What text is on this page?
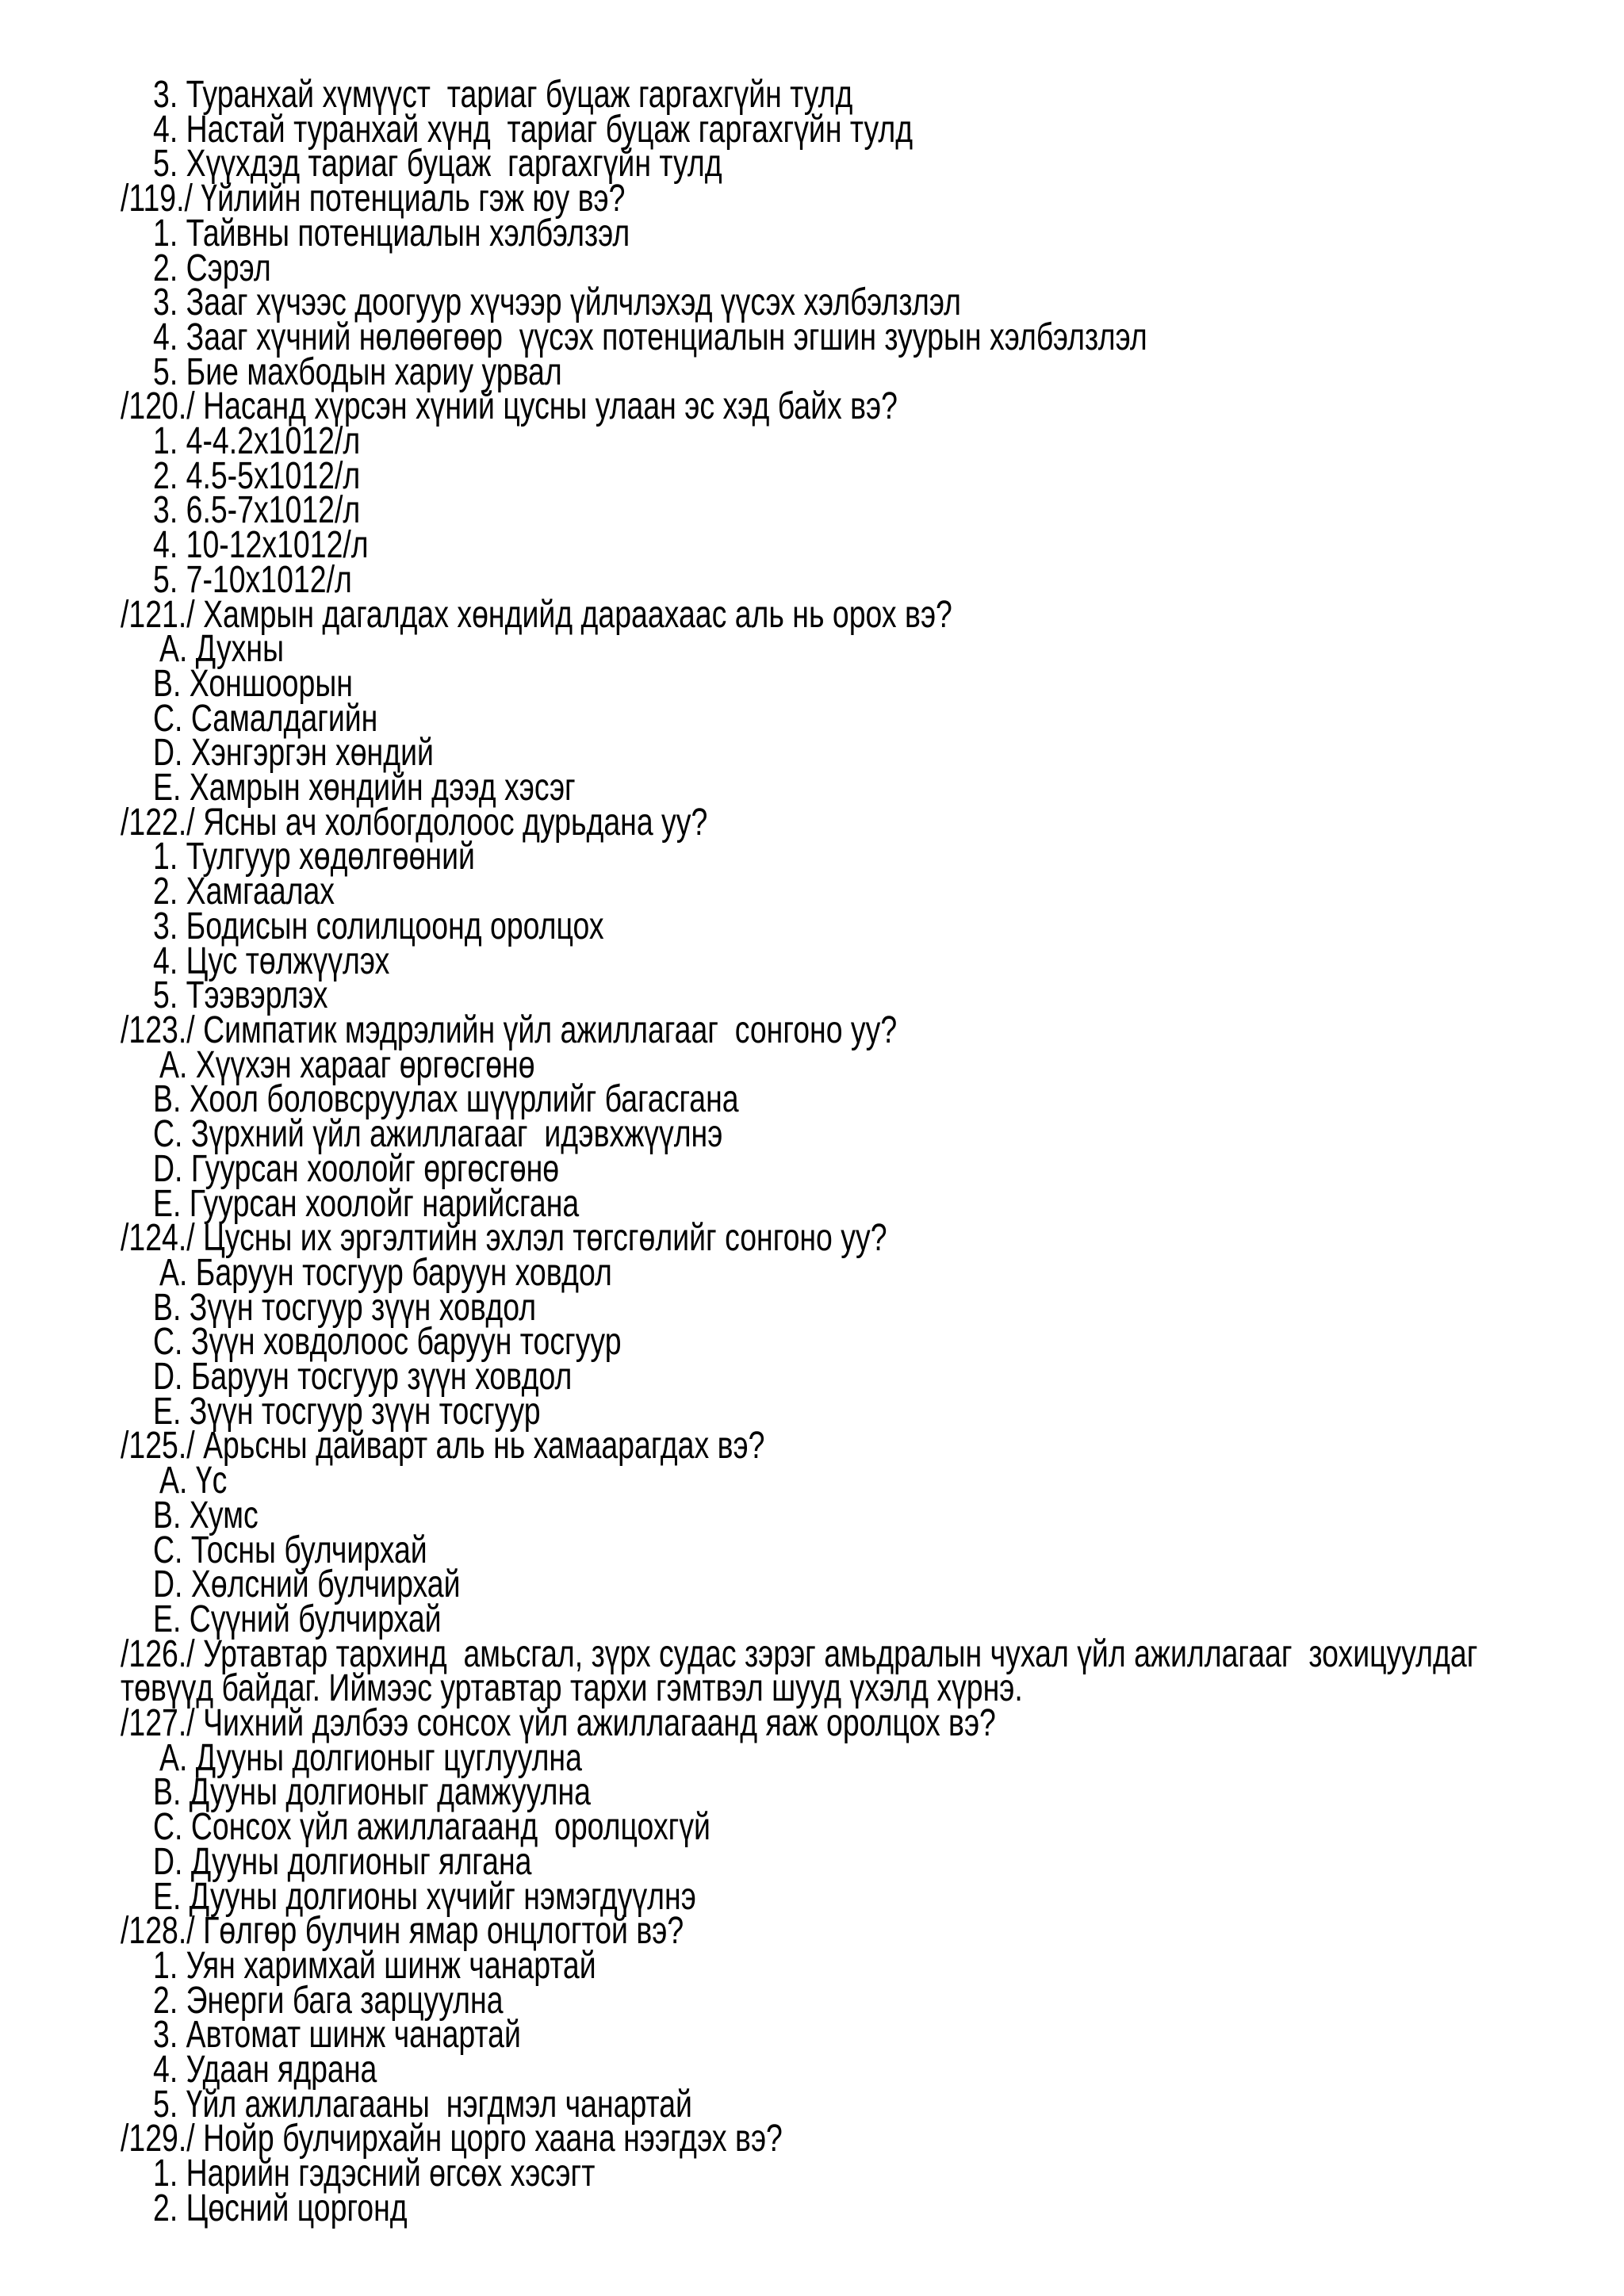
3. Туранхай хүмүүст  тариаг буцаж гаргахгүйн тулд
4. Настай туранхай хүнд  тариаг буцаж гаргахгүйн тулд
5. Хүүхдэд тариаг буцаж  гаргахгүйн тулд
/119./ Үйлийн потенциаль гэж юу вэ?
1. Тайвны потенциалын хэлбэлзэл
2. Сэрэл
3. Зааг хүчээс доогуур хүчээр үйлчлэхэд үүсэх хэлбэлзлэл
4. Зааг хүчний нөлөөгөөр  үүсэх потенциалын эгшин зуурын хэлбэлзлэл
5. Бие махбодын хариу урвал
/120./ Насанд хүрсэн хүний цусны улаан эс хэд байх вэ?
1. 4-4.2x1012/л
2. 4.5-5x1012/л
3. 6.5-7x1012/л
4. 10-12x1012/л
5. 7-10x1012/л
/121./ Хамрын дагалдах хөндийд дараахаас аль нь орох вэ?
A. Духны
B. Хоншоорын
C. Самалдагийн
D. Хэнгэргэн хөндий
E. Хамрын хөндийн дээд хэсэг
/122./ Ясны ач холбогдолоос дурьдана уу?
1. Тулгуур хөдөлгөөний
2. Хамгаалах
3. Бодисын солилцоонд оролцох
4. Цус төлжүүлэх
5. Тээвэрлэх
/123./ Симпатик мэдрэлийн үйл ажиллагааг  сонгоно уу?
A. Хүүхэн харааг өргөсгөнө
B. Хоол боловсруулах шүүрлийг багасгана
C. Зүрхний үйл ажиллагааг  идэвхжүүлнэ
D. Гуурсан хоолойг өргөсгөнө
E. Гуурсан хоолойг нарийсгана
/124./ Цусны их эргэлтийн эхлэл төгсгөлийг сонгоно уу?
A. Баруун тосгуур баруун ховдол
B. Зүүн тосгуур зүүн ховдол
C. Зүүн ховдолоос баруун тосгуур
D. Баруун тосгуур зүүн ховдол
E. Зүүн тосгуур зүүн тосгуур
/125./ Арьсны дайварт аль нь хамаарагдах вэ?
A. Үс
B. Хумс
C. Тосны булчирхай
D. Хөлсний булчирхай
E. Сүүний булчирхай
/126./ Уртавтар тархинд  амьсгал, зүрх судас зэрэг амьдралын чухал үйл ажиллагааг  зохицуулдаг
төвүүд байдаг. Иймээс уртавтар тархи гэмтвэл шууд үхэлд хүрнэ.
/127./ Чихний дэлбээ сонсох үйл ажиллагаанд яаж оролцох вэ?
A. Дууны долгионыг цуглуулна
B. Дууны долгионыг дамжуулна
C. Сонсох үйл ажиллагаанд  оролцохгүй
D. Дууны долгионыг ялгана
E. Дууны долгионы хүчийг нэмэгдүүлнэ
/128./ Гөлгөр булчин ямар онцлогтой вэ?
1. Уян харимхай шинж чанартай
2. Энерги бага зарцуулна
3. Автомат шинж чанартай
4. Удаан ядрана
5. Үйл ажиллагааны  нэгдмэл чанартай
/129./ Нойр булчирхайн цорго хаана нээгдэх вэ?
1. Нарийн гэдэсний өгсөх хэсэгт
2. Цөсний цоргонд
